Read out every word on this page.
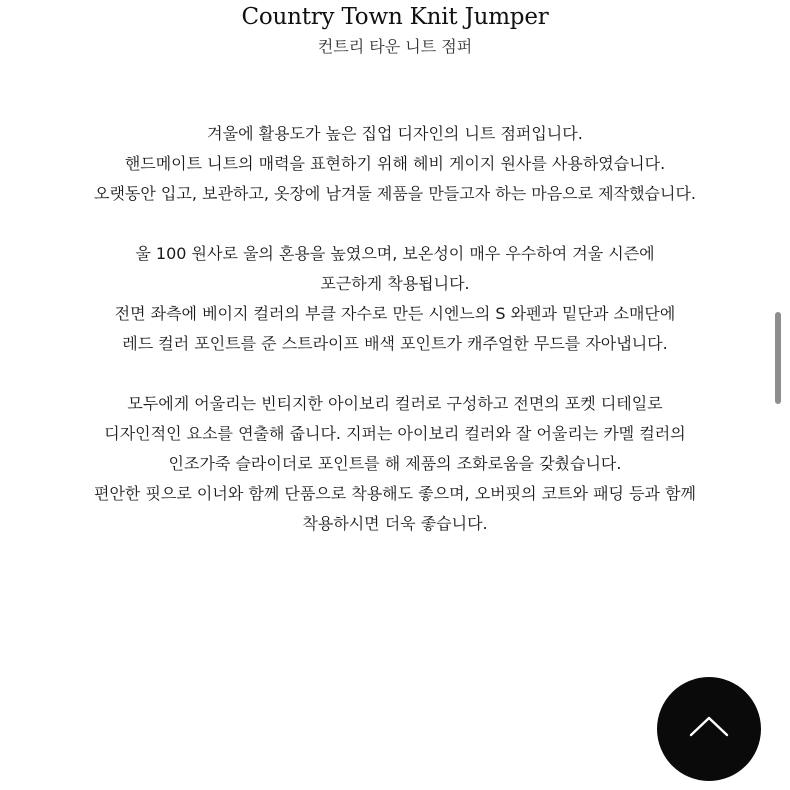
Country Town Knit Jumper
컨트리 타운 니트 점퍼

겨울에 활용도가 높은 집업 디자인의 니트 점퍼입니다.
핸드메이트 니트의 매력을 표현하기 위해 헤비 게이지 원사를 사용하였습니다.
오랫동안 입고, 보관하고, 옷장에 남겨둘 제품을 만들고자 하는 마음으로 제작했습니다.

울 100 원사로 울의 혼용을 높였으며, 보온성이 매우 우수하여 겨울 시즌에
포근하게 착용됩니다.
전면 좌측에 베이지 컬러의 부클 자수로 만든 시엔느의 S 와펜과 밑단과 소매단에
레드 컬러 포인트를 준 스트라이프 배색 포인트가 캐주얼한 무드를 자아냅니다.

모두에게 어울리는 빈티지한 아이보리 컬러로 구성하고 전면의 포켓 디테일로
디자인적인 요소를 연출해 줍니다. 지퍼는 아이보리 컬러와 잘 어울리는 카멜 컬러의
인조가죽 슬라이더로 포인트를 해 제품의 조화로움을 갖췄습니다.
편안한 핏으로 이너와 함께 단품으로 착용해도 좋으며, 오버핏의 코트와 패딩 등과 함께
착용하시면 더욱 좋습니다.
